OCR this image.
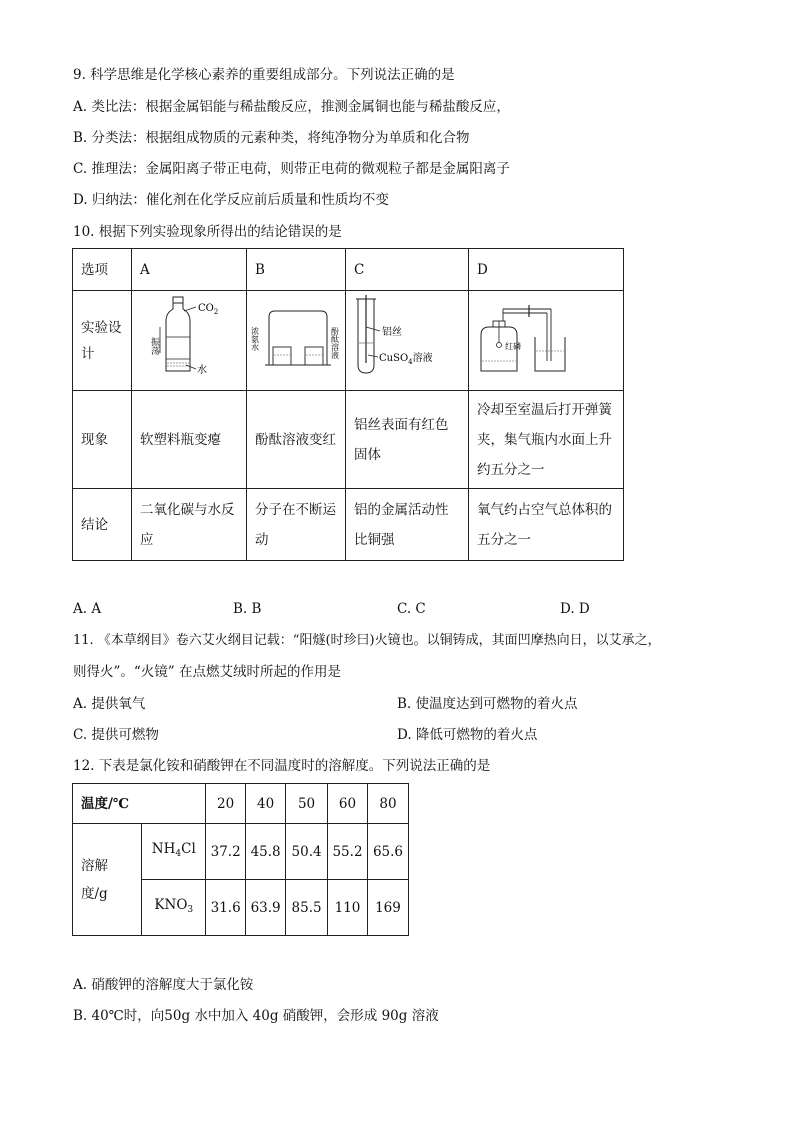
9. 科学思维是化学核心素养的重要组成部分。下列说法正确的是
A. 类比法：根据金属铝能与稀盐酸反应，推测金属铜也能与稀盐酸反应，
B. 分类法：根据组成物质的元素种类，将纯净物分为单质和化合物
C. 推理法：金属阳离子带正电荷，则带正电荷的微观粒子都是金属阳离子
D. 归纳法：催化剂在化学反应前后质量和性质均不变
10. 根据下列实验现象所得出的结论错误的是
选项	A	B	C	D
实验设计	$CO_2$
振荡
水	浓氨水 酚酞溶液	铝丝
CuSO$_4$溶液	红磷

现象	软塑料瓶变瘪	酚酞溶液变红	铝丝表面有红色固体	冷却至室温后打开弹簧夹，集气瓶内水面上升约五分之一
结论	二氧化碳与水反应	分子在不断运动	铝的金属活动性比铜强	氧气约占空气总体积的五分之一
A. A	B. B	C. C	D. D
11. 《本草纲目》卷六艾火纲目记载：“阳燧(时珍曰)火镜也。以铜铸成，其面凹摩热向日，以艾承之，
则得火”。“火镜” 在点燃艾绒时所起的作用是
A. 提供氧气	B. 使温度达到可燃物的着火点
C. 提供可燃物	D. 降低可燃物的着火点
12. 下表是氯化铵和硝酸钾在不同温度时的溶解度。下列说法正确的是
温度/℃		20	40	50	60	80
溶解度/g	$NH_4Cl$	37.2	45.8	50.4	55.2	65.6
	$KNO_3$	31.6	63.9	85.5	110	169
A. 硝酸钾的溶解度大于氯化铵
B. 40℃时，向50g 水中加入 40g 硝酸钾，会形成 90g 溶液
